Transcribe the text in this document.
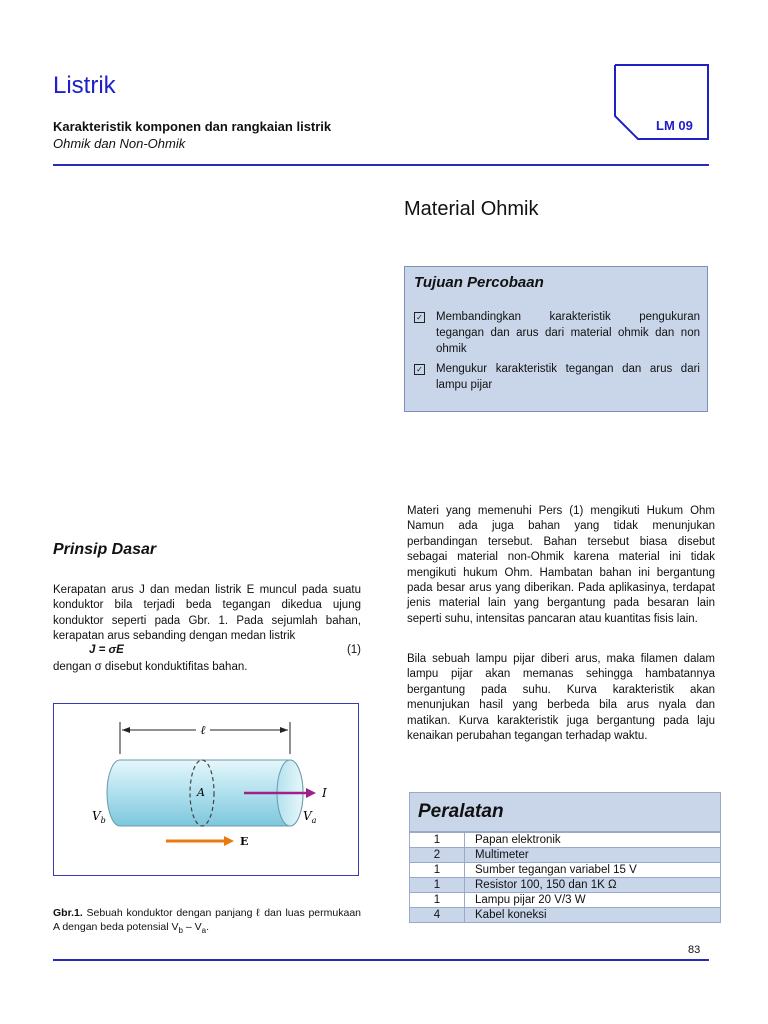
Listrik
Karakteristik komponen dan rangkaian listrik
Ohmik dan Non-Ohmik
LM 09
Material Ohmik
Tujuan Percobaan
✓ Membandingkan karakteristik pengukuran tegangan dan arus dari material ohmik dan non ohmik
✓ Mengukur karakteristik tegangan dan arus dari lampu pijar
Prinsip Dasar
Kerapatan arus J dan medan listrik E muncul pada suatu konduktor bila terjadi beda tegangan dikedua ujung konduktor seperti pada Gbr. 1. Pada sejumlah bahan, kerapatan arus sebanding dengan medan listrik
J = σE	(1)
dengan σ disebut konduktifitas bahan.
ℓ
A	I
$V_b$	$V_a$
E
Gbr.1. Sebuah konduktor dengan panjang ℓ dan luas permukaan A dengan beda potensial $V_b - V_a$.
Materi yang memenuhi Pers (1) mengikuti Hukum Ohm Namun ada juga bahan yang tidak menunjukan perbandingan tersebut. Bahan tersebut biasa disebut sebagai material non-Ohmik karena material ini tidak mengikuti hukum Ohm. Hambatan bahan ini bergantung pada besar arus yang diberikan. Pada aplikasinya, terdapat jenis material lain yang bergantung pada besaran lain seperti suhu, intensitas pancaran atau kuantitas fisis lain.
Bila sebuah lampu pijar diberi arus, maka filamen dalam lampu pijar akan memanas sehingga hambatannya bergantung pada suhu. Kurva karakteristik akan menunjukan hasil yang berbeda bila arus nyala dan matikan. Kurva karakteristik juga bergantung pada laju kenaikan perubahan tegangan terhadap waktu.
Peralatan
1	Papan elektronik
2	Multimeter
1	Sumber tegangan variabel 15 V
1	Resistor 100, 150 dan 1K Ω
1	Lampu pijar 20 V/3 W
4	Kabel koneksi
83
